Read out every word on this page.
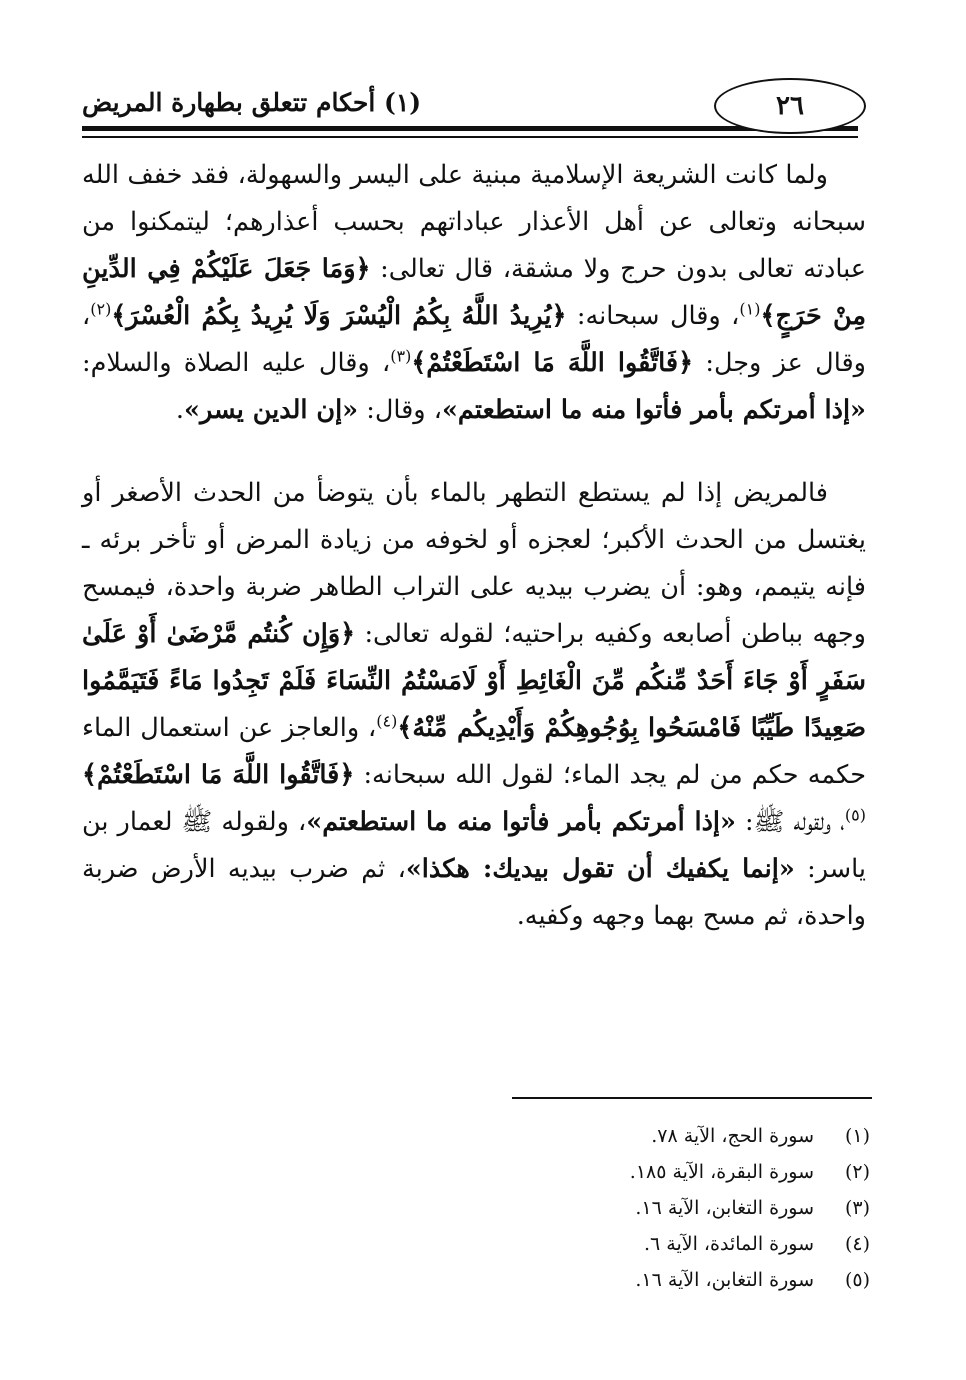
٢٦
(١) أحكام تتعلق بطهارة المريض

ولما كانت الشريعة الإسلامية مبنية على اليسر والسهولة، فقد خفف الله سبحانه وتعالى عن أهل الأعذار عباداتهم بحسب أعذارهم؛ ليتمكنوا من عبادته تعالى بدون حرج ولا مشقة، قال تعالى: ﴿وَمَا جَعَلَ عَلَيْكُمْ فِي الدِّينِ مِنْ حَرَجٍ﴾$^{(١)}$، وقال سبحانه: ﴿يُرِيدُ اللَّهُ بِكُمُ الْيُسْرَ وَلَا يُرِيدُ بِكُمُ الْعُسْرَ﴾$^{(٢)}$، وقال عز وجل: ﴿فَاتَّقُوا اللَّهَ مَا اسْتَطَعْتُمْ﴾$^{(٣)}$، وقال عليه الصلاة والسلام: «إذا أمرتكم بأمر فأتوا منه ما استطعتم»، وقال: «إن الدين يسر».

فالمريض إذا لم يستطع التطهر بالماء بأن يتوضأ من الحدث الأصغر أو يغتسل من الحدث الأكبر؛ لعجزه أو لخوفه من زيادة المرض أو تأخر برئه ـ فإنه يتيمم، وهو: أن يضرب بيديه على التراب الطاهر ضربة واحدة، فيمسح وجهه بباطن أصابعه وكفيه براحتيه؛ لقوله تعالى: ﴿وَإِن كُنتُم مَّرْضَىٰ أَوْ عَلَىٰ سَفَرٍ أَوْ جَاءَ أَحَدٌ مِّنكُم مِّنَ الْغَائِطِ أَوْ لَامَسْتُمُ النِّسَاءَ فَلَمْ تَجِدُوا مَاءً فَتَيَمَّمُوا صَعِيدًا طَيِّبًا فَامْسَحُوا بِوُجُوهِكُمْ وَأَيْدِيكُم مِّنْهُ﴾$^{(٤)}$، والعاجز عن استعمال الماء حكمه حكم من لم يجد الماء؛ لقول الله سبحانه: ﴿فَاتَّقُوا اللَّهَ مَا اسْتَطَعْتُمْ﴾$^{(٥)}$، ولقوله ﷺ: «إذا أمرتكم بأمر فأتوا منه ما استطعتم»، ولقوله ﷺ لعمار بن ياسر: «إنما يكفيك أن تقول بيديك: هكذا»، ثم ضرب بيديه الأرض ضربة واحدة، ثم مسح بهما وجهه وكفيه.

(١)
سورة الحج، الآية ٧٨.
(٢)
سورة البقرة، الآية ١٨٥.
(٣)
سورة التغابن، الآية ١٦.
(٤)
سورة المائدة، الآية ٦.
(٥)
سورة التغابن، الآية ١٦.
